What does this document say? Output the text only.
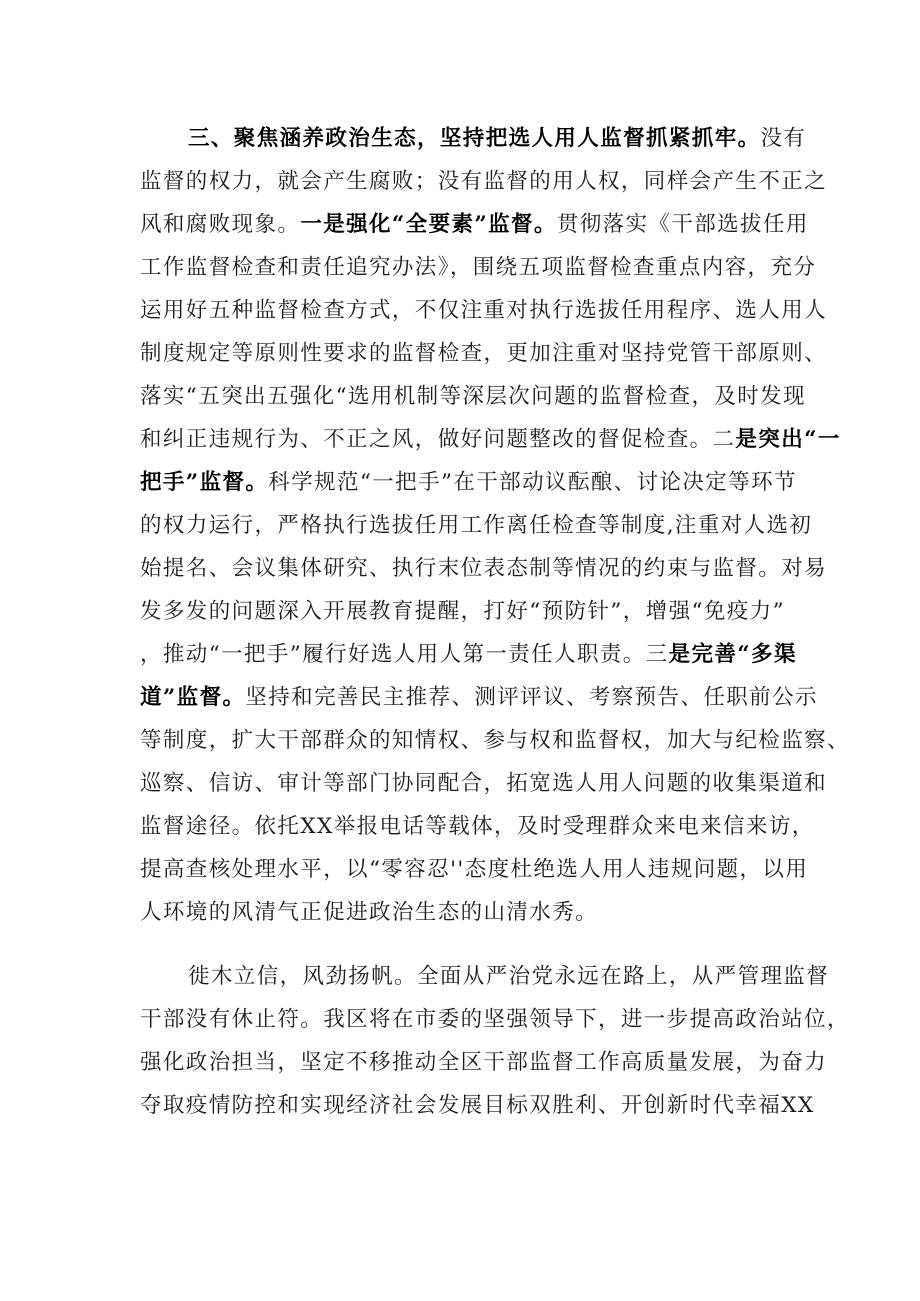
三、聚焦涵养政治生态，坚持把选人用人监督抓紧抓牢。没有
监督的权力，就会产生腐败；没有监督的用人权，同样会产生不正之
风和腐败现象。一是强化“全要素”监督。贯彻落实《干部选拔任用
工作监督检查和责任追究办法》，围绕五项监督检查重点内容，充分
运用好五种监督检查方式，不仅注重对执行选拔任用程序、选人用人
制度规定等原则性要求的监督检查，更加注重对坚持党管干部原则、
落实“五突出五强化“选用机制等深层次问题的监督检查，及时发现
和纠正违规行为、不正之风，做好问题整改的督促检查。二是突出“一
把手”监督。科学规范“一把手”在干部动议酝酿、讨论决定等环节
的权力运行，严格执行选拔任用工作离任检查等制度,注重对人选初
始提名、会议集体研究、执行末位表态制等情况的约束与监督。对易
发多发的问题深入开展教育提醒，打好“预防针”，增强“免疫力”
，推动“一把手”履行好选人用人第一责任人职责。三是完善“多渠
道”监督。坚持和完善民主推荐、测评评议、考察预告、任职前公示
等制度，扩大干部群众的知情权、参与权和监督权，加大与纪检监察、
巡察、信访、审计等部门协同配合，拓宽选人用人问题的收集渠道和
监督途径。依托XX举报电话等载体，及时受理群众来电来信来访，
提高查核处理水平，以“零容忍''态度杜绝选人用人违规问题，以用
人环境的风清气正促进政治生态的山清水秀。
徙木立信，风劲扬帆。全面从严治党永远在路上，从严管理监督
干部没有休止符。我区将在市委的坚强领导下，进一步提高政治站位，
强化政治担当，坚定不移推动全区干部监督工作高质量发展，为奋力
夺取疫情防控和实现经济社会发展目标双胜利、开创新时代幸福XX
